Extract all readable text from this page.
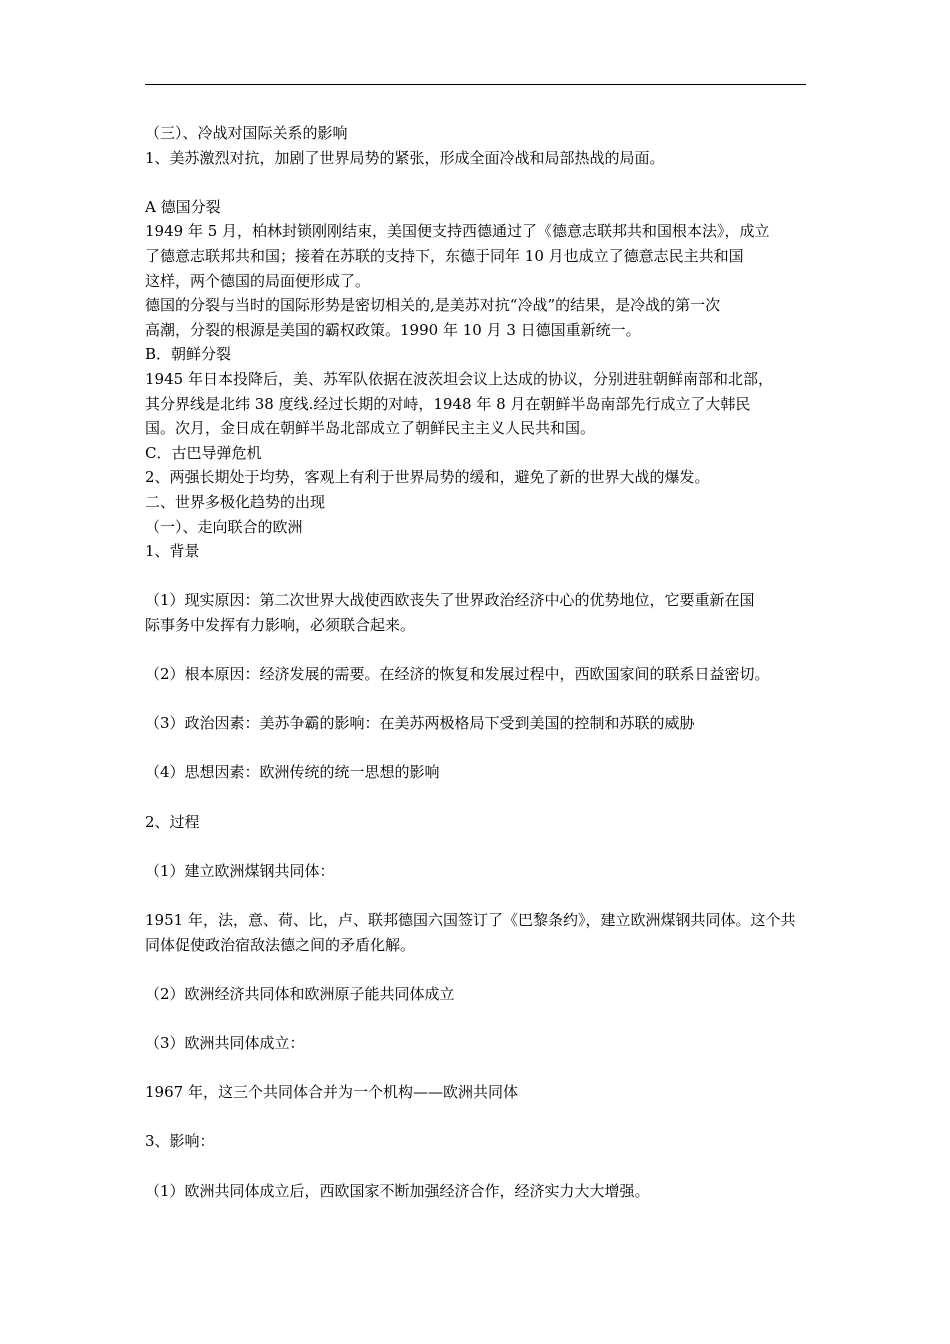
（三）、冷战对国际关系的影响
1、美苏激烈对抗，加剧了世界局势的紧张，形成全面冷战和局部热战的局面。
A 德国分裂
1949 年 5 月，柏林封锁刚刚结束，美国便支持西德通过了《德意志联邦共和国根本法》，成立
了德意志联邦共和国；接着在苏联的支持下，东德于同年 10 月也成立了德意志民主共和国
这样，两个德国的局面便形成了。
德国的分裂与当时的国际形势是密切相关的,是美苏对抗“冷战”的结果，是冷战的第一次
高潮，分裂的根源是美国的霸权政策。1990 年 10 月 3 日德国重新统一。
B．朝鲜分裂
1945 年日本投降后，美、苏军队依据在波茨坦会议上达成的协议，分别进驻朝鲜南部和北部，
其分界线是北纬 38 度线.经过长期的对峙，1948 年 8 月在朝鲜半岛南部先行成立了大韩民
国。次月，金日成在朝鲜半岛北部成立了朝鲜民主主义人民共和国。
C．古巴导弹危机
2、两强长期处于均势，客观上有利于世界局势的缓和，避免了新的世界大战的爆发。
二、世界多极化趋势的出现
（一）、走向联合的欧洲
1、背景
（1）现实原因：第二次世界大战使西欧丧失了世界政治经济中心的优势地位，它要重新在国
际事务中发挥有力影响，必须联合起来。
（2）根本原因：经济发展的需要。在经济的恢复和发展过程中，西欧国家间的联系日益密切。
（3）政治因素：美苏争霸的影响：在美苏两极格局下受到美国的控制和苏联的威胁
（4）思想因素：欧洲传统的统一思想的影响
2、过程
（1）建立欧洲煤钢共同体：
1951 年，法，意、荷、比，卢、联邦德国六国签订了《巴黎条约》，建立欧洲煤钢共同体。这个共
同体促使政治宿敌法德之间的矛盾化解。
（2）欧洲经济共同体和欧洲原子能共同体成立
（3）欧洲共同体成立：
1967 年，这三个共同体合并为一个机构——欧洲共同体
3、影响：
（1）欧洲共同体成立后，西欧国家不断加强经济合作，经济实力大大增强。
